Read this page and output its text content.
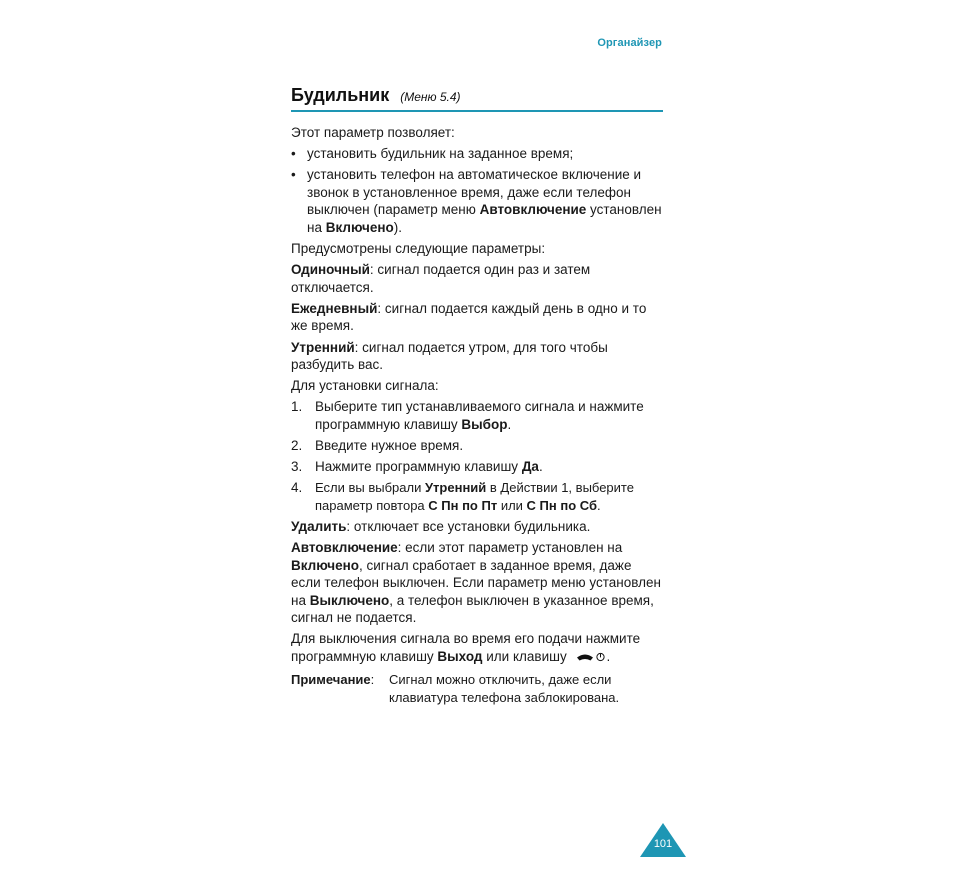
Органайзер
Будильник (Меню 5.4)

Этот параметр позволяет:

• установить будильник на заданное время;
• установить телефон на автоматическое включение и звонок в установленное время, даже если телефон выключен (параметр меню Автовключение установлен на Включено).

Предусмотрены следующие параметры:

Одиночный: сигнал подается один раз и затем отключается.

Ежедневный: сигнал подается каждый день в одно и то же время.

Утренний: сигнал подается утром, для того чтобы разбудить вас.

Для установки сигнала:

1. Выберите тип устанавливаемого сигнала и нажмите программную клавишу Выбор.
2. Введите нужное время.
3. Нажмите программную клавишу Да.
4. Если вы выбрали Утренний в Действии 1, выберите параметр повтора С Пн по Пт или С Пн по Сб.

Удалить: отключает все установки будильника.

Автовключение: если этот параметр установлен на Включено, сигнал сработает в заданное время, даже если телефон выключен. Если параметр меню установлен на Выключено, а телефон выключен в указанное время, сигнал не подается.

Для выключения сигнала во время его подачи нажмите программную клавишу Выход или клавишу	.

Примечание:	Сигнал можно отключить, даже если клавиатура телефона заблокирована.
101
